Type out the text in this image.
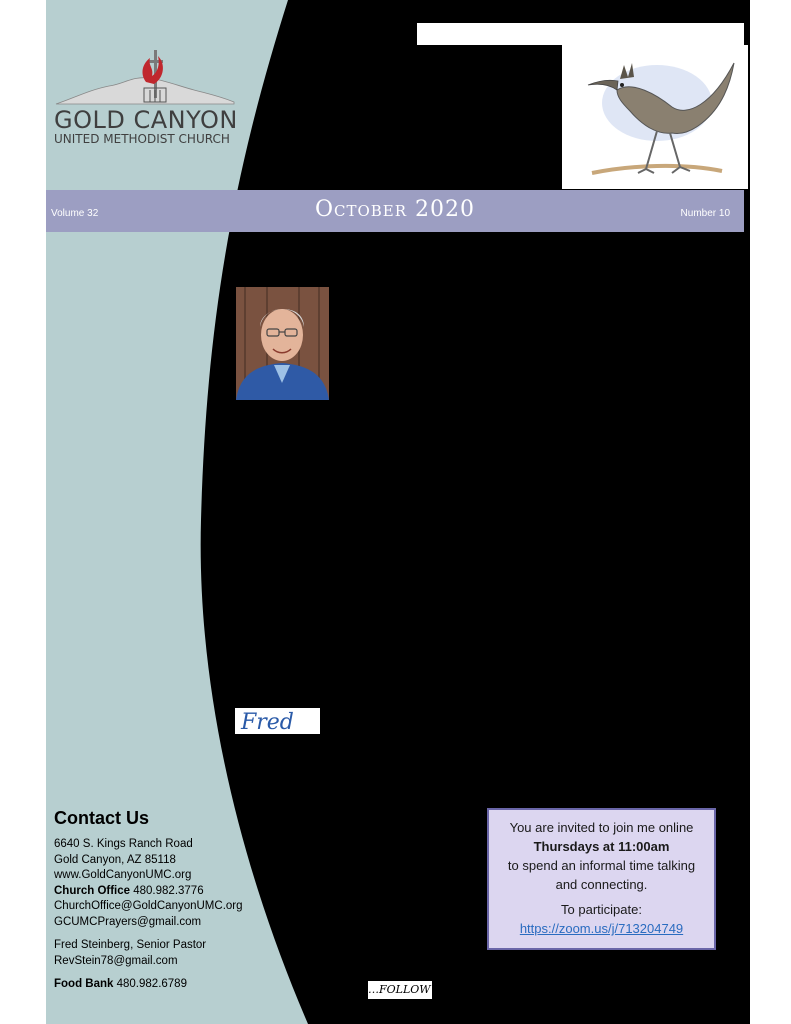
GOLD CANYON
UNITED METHODIST CHURCH
Volume 32	October 2020	Number 10
Fred
Contact Us
6640 S. Kings Ranch Road
Gold Canyon, AZ 85118
www.GoldCanyonUMC.org
Church Office 480.982.3776
ChurchOffice@GoldCanyonUMC.org
GCUMCPrayers@gmail.com
Fred Steinberg, Senior Pastor
RevStein78@gmail.com
Food Bank 480.982.6789
You are invited to join me online
Thursdays at 11:00am
to spend an informal time talking
and connecting.
To participate:
https://zoom.us/j/713204749
…FOLLOW
